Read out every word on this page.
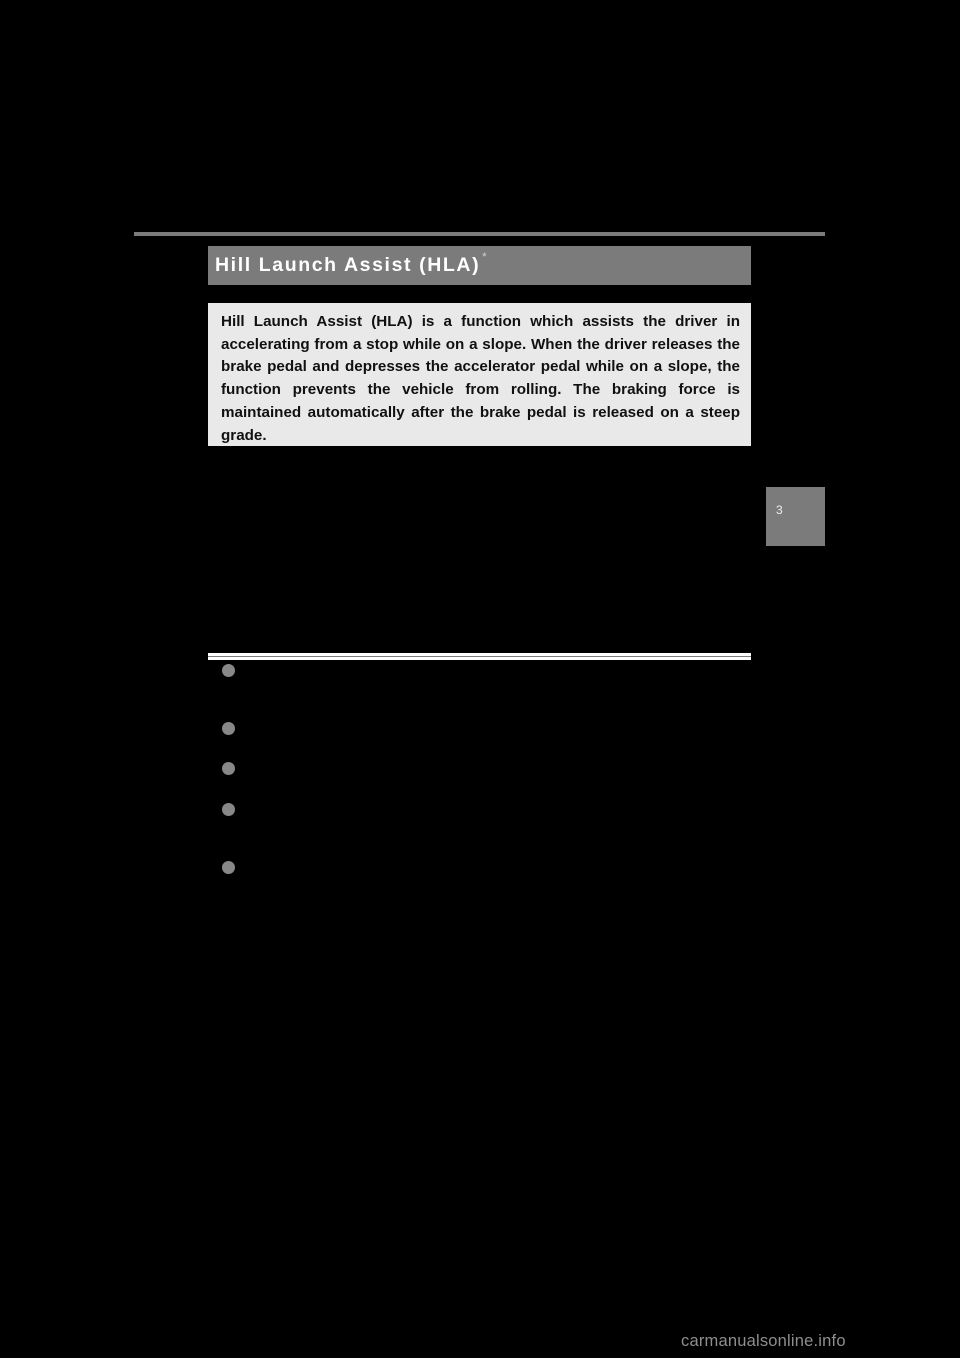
Hill Launch Assist (HLA) *

Hill Launch Assist (HLA) is a function which assists the driver in accelerating from a stop while on a slope. When the driver releases the brake pedal and depresses the accelerator pedal while on a slope, the function prevents the vehicle from rolling. The braking force is maintained automatically after the brake pedal is released on a steep grade.

3
carmanualsonline.info
